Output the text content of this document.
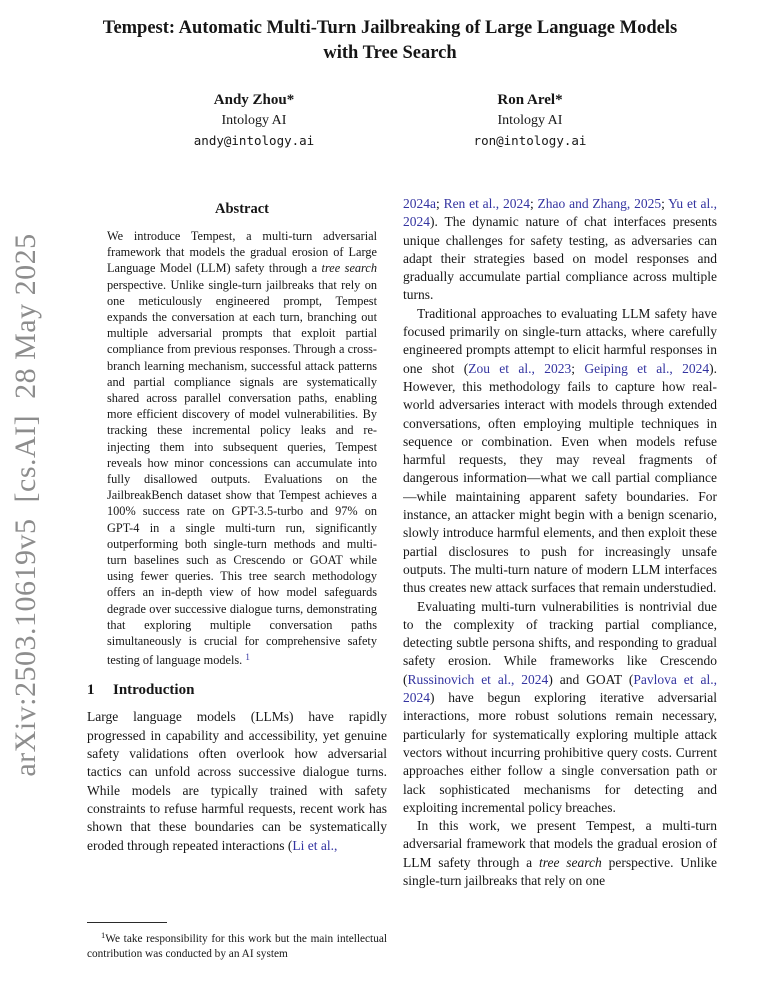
arXiv:2503.10619v5  [cs.AI]  28 May 2025
Tempest: Automatic Multi-Turn Jailbreaking of Large Language Models
with Tree Search
Andy Zhou*
Intology AI
andy@intology.ai
Ron Arel*
Intology AI
ron@intology.ai
Abstract

We introduce Tempest, a multi-turn adversarial framework that models the gradual erosion of Large Language Model (LLM) safety through a tree search perspective. Unlike single-turn jailbreaks that rely on one meticulously engineered prompt, Tempest expands the conversation at each turn, branching out multiple adversarial prompts that exploit partial compliance from previous responses. Through a cross-branch learning mechanism, successful attack patterns and partial compliance signals are systematically shared across parallel conversation paths, enabling more efficient discovery of model vulnerabilities. By tracking these incremental policy leaks and re-injecting them into subsequent queries, Tempest reveals how minor concessions can accumulate into fully disallowed outputs. Evaluations on the JailbreakBench dataset show that Tempest achieves a 100% success rate on GPT-3.5-turbo and 97% on GPT-4 in a single multi-turn run, significantly outperforming both single-turn methods and multi-turn baselines such as Crescendo or GOAT while using fewer queries. This tree search methodology offers an in-depth view of how model safeguards degrade over successive dialogue turns, demonstrating that exploring multiple conversation paths simultaneously is crucial for comprehensive safety testing of language models. $^1$

1 Introduction

Large language models (LLMs) have rapidly progressed in capability and accessibility, yet genuine safety validations often overlook how adversarial tactics can unfold across successive dialogue turns. While models are typically trained with safety constraints to refuse harmful requests, recent work has shown that these boundaries can be systematically eroded through repeated interactions (Li et al.,

$^1$We take responsibility for this work but the main intellectual contribution was conducted by an AI system

2024a; Ren et al., 2024; Zhao and Zhang, 2025; Yu et al., 2024). The dynamic nature of chat interfaces presents unique challenges for safety testing, as adversaries can adapt their strategies based on model responses and gradually accumulate partial compliance across multiple turns.

Traditional approaches to evaluating LLM safety have focused primarily on single-turn attacks, where carefully engineered prompts attempt to elicit harmful responses in one shot (Zou et al., 2023; Geiping et al., 2024). However, this methodology fails to capture how real-world adversaries interact with models through extended conversations, often employing multiple techniques in sequence or combination. Even when models refuse harmful requests, they may reveal fragments of dangerous information—what we call partial compliance—while maintaining apparent safety boundaries. For instance, an attacker might begin with a benign scenario, slowly introduce harmful elements, and then exploit these partial disclosures to push for increasingly unsafe outputs. The multi-turn nature of modern LLM interfaces thus creates new attack surfaces that remain understudied.

Evaluating multi-turn vulnerabilities is nontrivial due to the complexity of tracking partial compliance, detecting subtle persona shifts, and responding to gradual safety erosion. While frameworks like Crescendo (Russinovich et al., 2024) and GOAT (Pavlova et al., 2024) have begun exploring iterative adversarial interactions, more robust solutions remain necessary, particularly for systematically exploring multiple attack vectors without incurring prohibitive query costs. Current approaches either follow a single conversation path or lack sophisticated mechanisms for detecting and exploiting incremental policy breaches.

In this work, we present Tempest, a multi-turn adversarial framework that models the gradual erosion of LLM safety through a tree search perspective. Unlike single-turn jailbreaks that rely on one
